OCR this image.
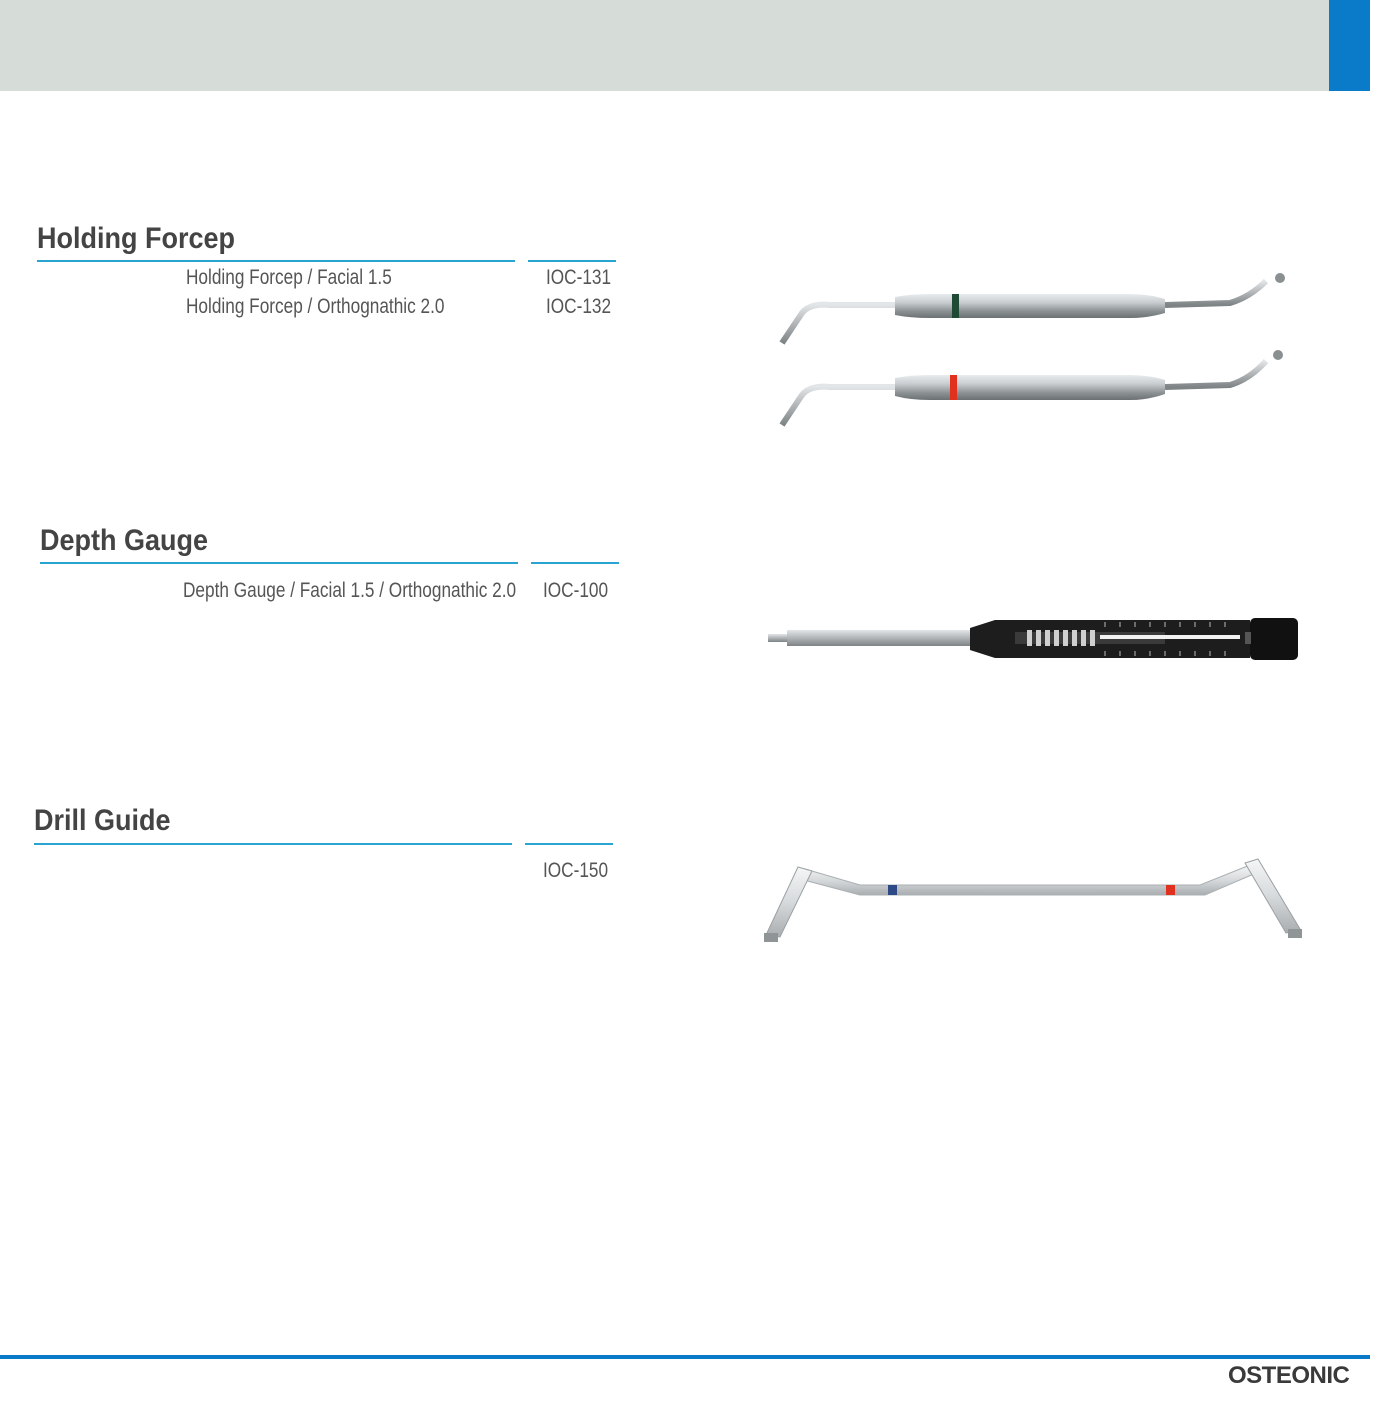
Holding Forcep
Holding Forcep / Facial 1.5	IOC-131
Holding Forcep / Orthognathic 2.0	IOC-132
Depth Gauge
Depth Gauge / Facial 1.5 / Orthognathic 2.0 IOC-100
Drill Guide
IOC-150
OSTEONIC
